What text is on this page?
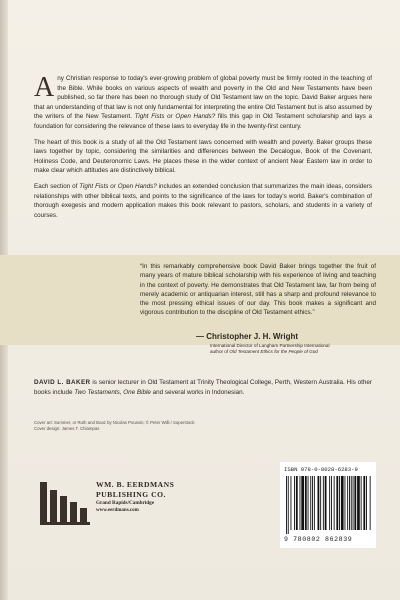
Any Christian response to today's ever-growing problem of global poverty must be firmly rooted in the teaching of the Bible. While books on various aspects of wealth and poverty in the Old and New Testaments have been published, so far there has been no thorough study of Old Testament law on the topic. David Baker argues here that an understanding of that law is not only fundamental for interpreting the entire Old Testament but is also assumed by the writers of the New Testament. Tight Fists or Open Hands? fills this gap in Old Testament scholarship and lays a foundation for considering the relevance of these laws to everyday life in the twenty-first century.

The heart of this book is a study of all the Old Testament laws concerned with wealth and poverty. Baker groups these laws together by topic, considering the similarities and differences between the Decalogue, Book of the Covenant, Holiness Code, and Deuteronomic Laws. He places these in the wider context of ancient Near Eastern law in order to make clear which attitudes are distinctively biblical.

Each section of Tight Fists or Open Hands? includes an extended conclusion that summarizes the main ideas, considers relationships with other biblical texts, and points to the significance of the laws for today's world. Baker's combination of thorough exegesis and modern application makes this book relevant to pastors, scholars, and students in a variety of courses.

“In this remarkably comprehensive book David Baker brings together the fruit of many years of mature biblical scholarship with his experience of living and teaching in the context of poverty. He demonstrates that Old Testament law, far from being of merely academic or antiquarian interest, still has a sharp and profound relevance to the most pressing ethical issues of our day. This book makes a significant and vigorous contribution to the discipline of Old Testament ethics.”
— Christopher J. H. Wright
International Director of Langham Partnership International
author of Old Testament Ethics for the People of God
DAVID L. BAKER is senior lecturer in Old Testament at Trinity Theological College, Perth, Western Australia. His other books include Two Testaments, One Bible and several works in Indonesian.
Cover art: Summer, or Ruth and Boaz by Nicolas Poussin; © Peter Willi / Superstock
Cover design: James T. Chiampas
WM. B. EERDMANS
PUBLISHING CO.
Grand Rapids/Cambridge
www.eerdmans.com
ISBN 978-0-8028-6283-9
9 780802 862839
